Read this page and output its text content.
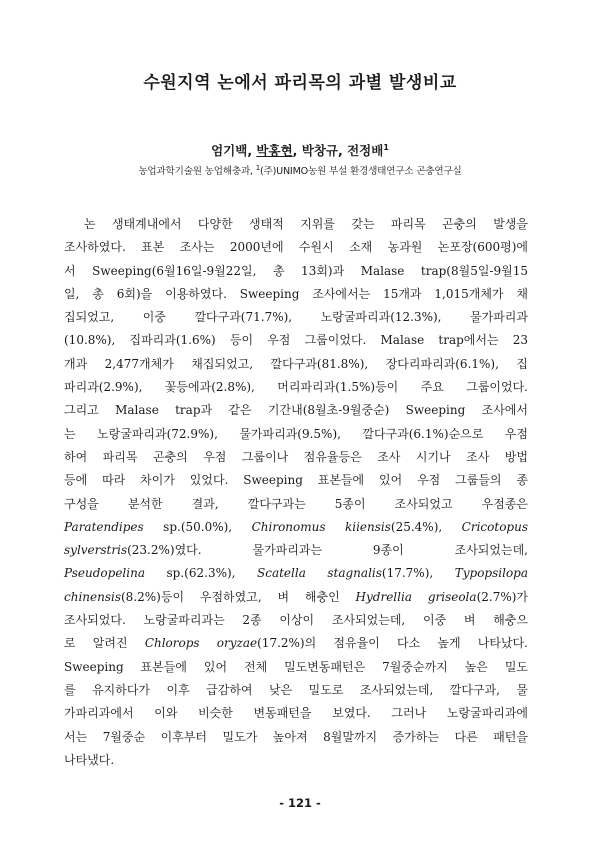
수원지역 논에서 파리목의 과별 발생비교
엄기백, 박홍현, 박창규, 전정배$^1$
농업과학기술원 농업해충과, $^1$(주)UNIMO농원 부설 환경생태연구소 곤충연구실
논 생태계내에서 다양한 생태적 지위를 갖는 파리목 곤충의 발생을
조사하였다. 표본 조사는 2000년에 수원시 소재 농과원 논포장(600평)에
서 Sweeping(6월16일-9월22일, 총 13회)과 Malase trap(8월5일-9월15
일, 총 6회)을 이용하였다. Sweeping 조사에서는 15개과 1,015개체가 채
집되었고, 이중 깔다구과(71.7%), 노랑굴파리과(12.3%), 물가파리과
(10.8%), 집파리과(1.6%) 등이 우점 그룹이었다. Malase trap에서는 23
개과 2,477개체가 채집되었고, 깔다구과(81.8%), 장다리파리과(6.1%), 집
파리과(2.9%), 꽃등에과(2.8%), 머리파리과(1.5%)등이 주요 그룹이었다.
그리고 Malase trap과 같은 기간내(8월초-9월중순) Sweeping 조사에서
는 노랑굴파리과(72.9%), 물가파리과(9.5%), 깔다구과(6.1%)순으로 우점
하여 파리목 곤충의 우점 그룹이나 점유율등은 조사 시기나 조사 방법
등에 따라 차이가 있었다. Sweeping 표본들에 있어 우점 그룹들의 종
구성을 분석한 결과, 깔다구과는 5종이 조사되었고 우점종은
Paratendipes sp.(50.0%), Chironomus kiiensis(25.4%), Cricotopus
sylverstris(23.2%)였다. 물가파리과는 9종이 조사되었는데,
Pseudopelina sp.(62.3%), Scatella stagnalis(17.7%), Typopsilopa
chinensis(8.2%)등이 우점하였고, 벼 해충인 Hydrellia griseola(2.7%)가
조사되었다. 노랑굴파리과는 2종 이상이 조사되었는데, 이중 벼 해충으
로 알려진 Chlorops oryzae(17.2%)의 점유율이 다소 높게 나타났다.
Sweeping 표본들에 있어 전체 밀도변동패턴은 7월중순까지 높은 밀도
를 유지하다가 이후 급감하여 낮은 밀도로 조사되었는데, 깔다구과, 물
가파리과에서 이와 비슷한 변동패턴을 보였다. 그러나 노랑굴파리과에
서는 7월중순 이후부터 밀도가 높아져 8월말까지 증가하는 다른 패턴을
나타냈다.
- 121 -
